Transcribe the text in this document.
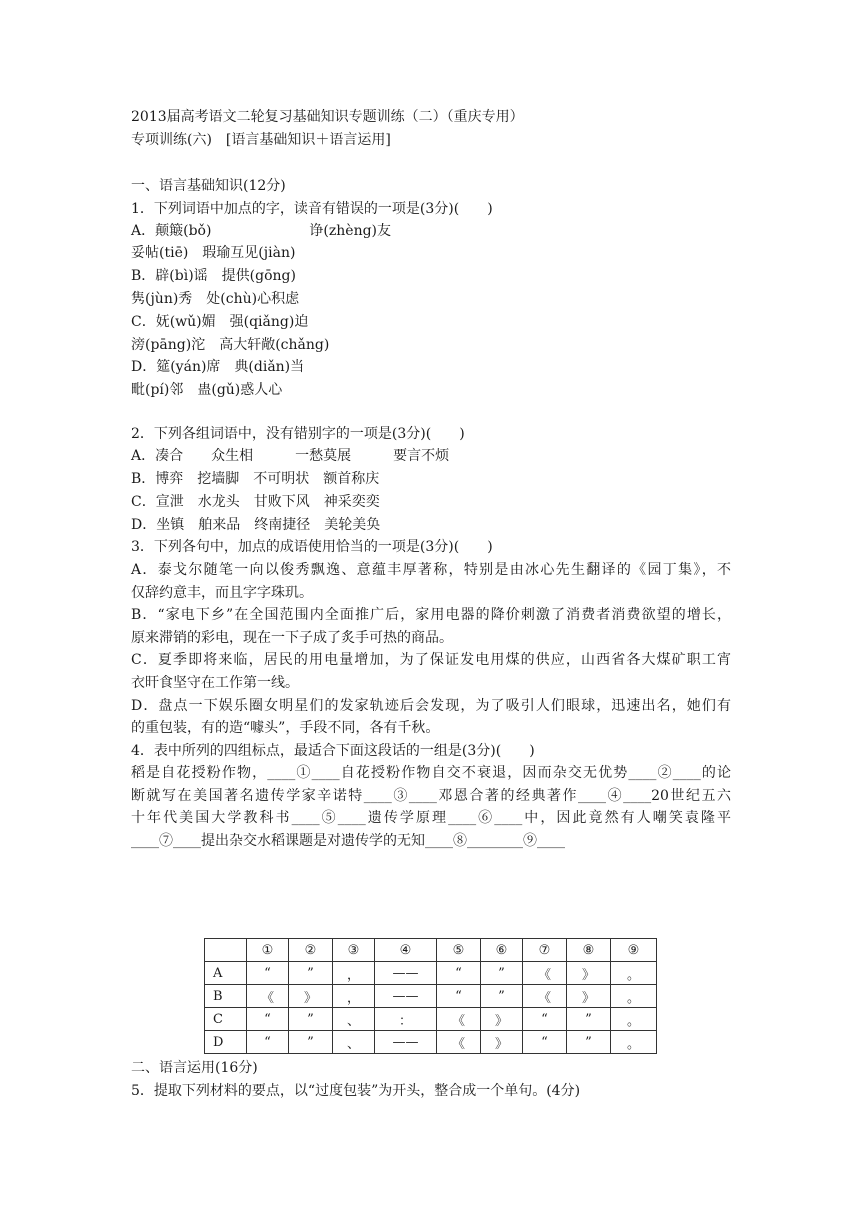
2013届高考语文二轮复习基础知识专题训练（二）（重庆专用）
专项训练(六)　[语言基础知识＋语言运用]
一、语言基础知识(12分)
1．下列词语中加点的字，读音有错误的一项是(3分)(　　)
A．颠簸(bǒ)　　　　　　　诤(zhèng)友
妥帖(tiē)　瑕瑜互见(jiàn)
B．辟(bì)谣　提供(gōng)
隽(jùn)秀　处(chù)心积虑
C．妩(wǔ)媚　强(qiǎng)迫
滂(pāng)沱　高大轩敞(chǎng)
D．筵(yán)席　典(diǎn)当
毗(pí)邻　蛊(gǔ)惑人心
2．下列各组词语中，没有错别字的一项是(3分)(　　)
A．凑合　　众生相　　　一愁莫展　　　要言不烦
B．博弈　挖墙脚　不可明状　额首称庆
C．宣泄　水龙头　甘败下风　神采奕奕
D．坐镇　舶来品　终南捷径　美轮美奂
3．下列各句中，加点的成语使用恰当的一项是(3分)(　　)
A．泰戈尔随笔一向以俊秀飘逸、意蕴丰厚著称，特别是由冰心先生翻译的《园丁集》，不
仅辞约意丰，而且字字珠玑。
B．“家电下乡”在全国范围内全面推广后，家用电器的降价刺激了消费者消费欲望的增长，
原来滞销的彩电，现在一下子成了炙手可热的商品。
C．夏季即将来临，居民的用电量增加，为了保证发电用煤的供应，山西省各大煤矿职工宵
衣旰食坚守在工作第一线。
D．盘点一下娱乐圈女明星们的发家轨迹后会发现，为了吸引人们眼球，迅速出名，她们有
的重包装，有的造“噱头”，手段不同，各有千秋。
4．表中所列的四组标点，最适合下面这段话的一组是(3分)(　　)
稻是自花授粉作物，____①____自花授粉作物自交不衰退，因而杂交无优势____②____的论
断就写在美国著名遗传学家辛诺特____③____邓恩合著的经典著作____④____20世纪五六
十年代美国大学教科书____⑤____遗传学原理____⑥____中，因此竟然有人嘲笑袁隆平
____⑦____提出杂交水稻课题是对遗传学的无知____⑧________⑨____
	①	②	③	④	⑤	⑥	⑦	⑧	⑨
A	“	”	，	——	“	”	《	》	。
B	《	》	，	——	“	”	《	》	。
C	“	”	、	：	《	》	“	”	。
D	“	”	、	——	《	》	“	”	。
二、语言运用(16分)
5．提取下列材料的要点，以“过度包装”为开头，整合成一个单句。(4分)
